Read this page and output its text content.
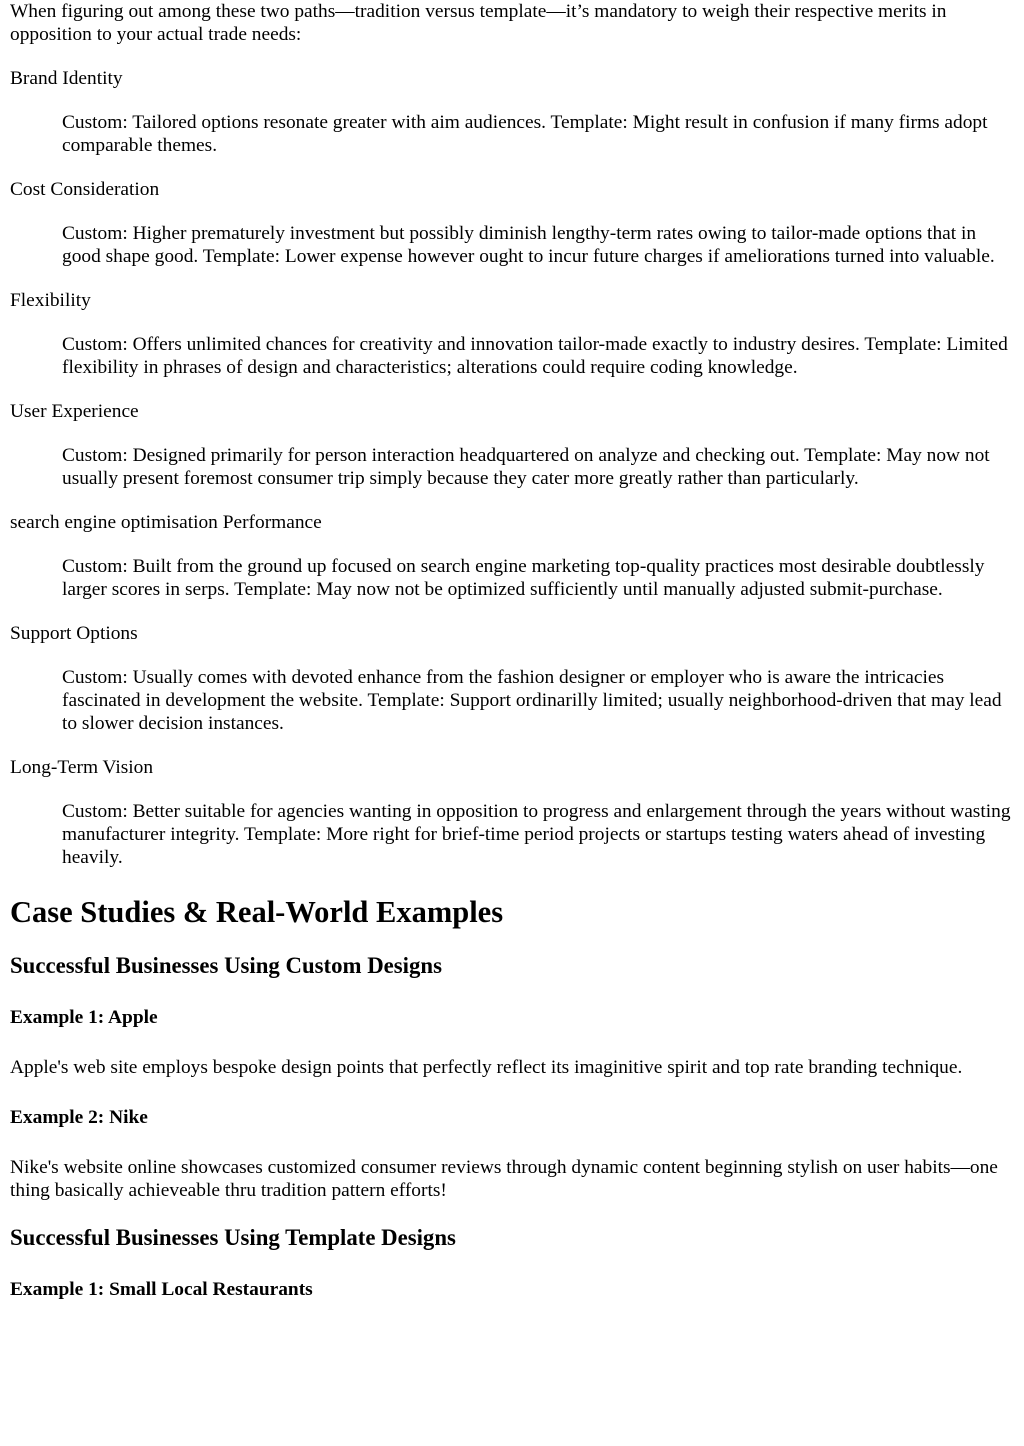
When figuring out among these two paths—tradition versus template—it’s mandatory to weigh their respective merits in opposition to your actual trade needs:

Brand Identity
Custom: Tailored options resonate greater with aim audiences. Template: Might result in confusion if many firms adopt comparable themes.
Cost Consideration
Custom: Higher prematurely investment but possibly diminish lengthy-term rates owing to tailor-made options that in good shape good. Template: Lower expense however ought to incur future charges if ameliorations turned into valuable.
Flexibility
Custom: Offers unlimited chances for creativity and innovation tailor-made exactly to industry desires. Template: Limited flexibility in phrases of design and characteristics; alterations could require coding knowledge.
User Experience
Custom: Designed primarily for person interaction headquartered on analyze and checking out. Template: May now not usually present foremost consumer trip simply because they cater more greatly rather than particularly.
search engine optimisation Performance
Custom: Built from the ground up focused on search engine marketing top-quality practices most desirable doubtlessly larger scores in serps. Template: May now not be optimized sufficiently until manually adjusted submit-purchase.
Support Options
Custom: Usually comes with devoted enhance from the fashion designer or employer who is aware the intricacies fascinated in development the website. Template: Support ordinarilly limited; usually neighborhood-driven that may lead to slower decision instances.
Long-Term Vision
Custom: Better suitable for agencies wanting in opposition to progress and enlargement through the years without wasting manufacturer integrity. Template: More right for brief-time period projects or startups testing waters ahead of investing heavily.
Case Studies & Real-World Examples
Successful Businesses Using Custom Designs
Example 1: Apple

Apple's web site employs bespoke design points that perfectly reflect its imaginitive spirit and top rate branding technique.

Example 2: Nike

Nike's website online showcases customized consumer reviews through dynamic content beginning stylish on user habits—one thing basically achieveable thru tradition pattern efforts!

Successful Businesses Using Template Designs
Example 1: Small Local Restaurants
